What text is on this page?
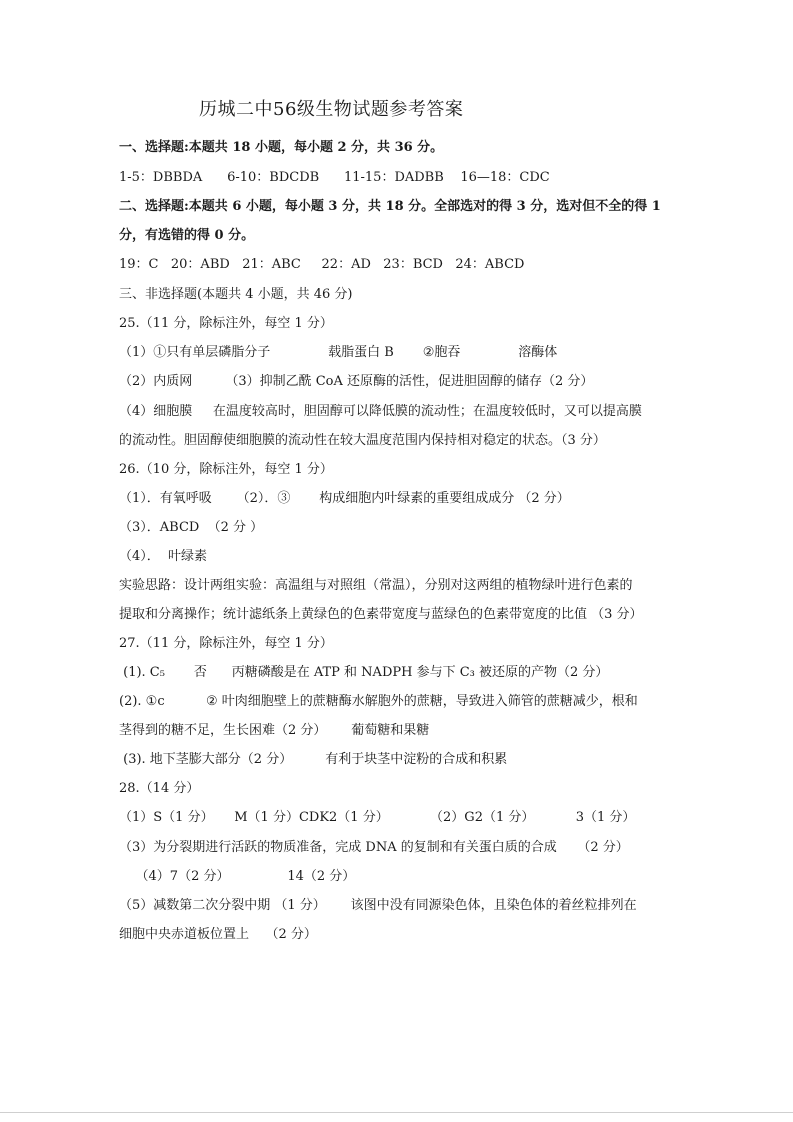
历城二中56级生物试题参考答案
一、选择题:本题共 18 小题，每小题 2 分，共 36 分。
1-5：DBBDA      6-10：BDCDB      11-15：DADBB    16—18：CDC
二、选择题:本题共 6 小题，每小题 3 分，共 18 分。全部选对的得 3 分，选对但不全的得 1
分，有选错的得 0 分。
19：C   20：ABD   21：ABC     22：AD   23：BCD   24：ABCD
三、非选择题(本题共 4 小题，共 46 分)
25.（11 分，除标注外，每空 1 分）
（1）①只有单层磷脂分子              载脂蛋白 B       ②胞吞              溶酶体
（2）内质网        （3）抑制乙酰 CoA 还原酶的活性，促进胆固醇的储存（2 分）
（4）细胞膜     在温度较高时，胆固醇可以降低膜的流动性；在温度较低时，又可以提高膜
的流动性。胆固醇使细胞膜的流动性在较大温度范围内保持相对稳定的状态。（3 分）
26.（10 分，除标注外，每空 1 分）
（1）．有氧呼吸      （2）．③       构成细胞内叶绿素的重要组成成分 （2 分）
（3）．ABCD  （2 分 ）
（4）．  叶绿素
实验思路：设计两组实验：高温组与对照组（常温），分别对这两组的植物绿叶进行色素的
提取和分离操作；统计滤纸条上黄绿色的色素带宽度与蓝绿色的色素带宽度的比值 （3 分）
27.（11 分，除标注外，每空 1 分）
(1). C₅       否      丙糖磷酸是在 ATP 和 NADPH 参与下 C₃ 被还原的产物（2 分）
(2). ①c          ② 叶肉细胞壁上的蔗糖酶水解胞外的蔗糖，导致进入筛管的蔗糖减少，根和
茎得到的糖不足，生长困难（2 分）      葡萄糖和果糖
(3). 地下茎膨大部分（2 分）        有利于块茎中淀粉的合成和积累
28.（14 分）
（1）S（1 分）     M（1 分）CDK2（1 分）          （2）G2（1 分）          3（1 分）
（3）为分裂期进行活跃的物质准备，完成 DNA 的复制和有关蛋白质的合成     （2 分）
（4）7（2 分）              14（2 分）
（5）减数第二次分裂中期 （1 分）      该图中没有同源染色体，且染色体的着丝粒排列在
细胞中央赤道板位置上    （2 分）
